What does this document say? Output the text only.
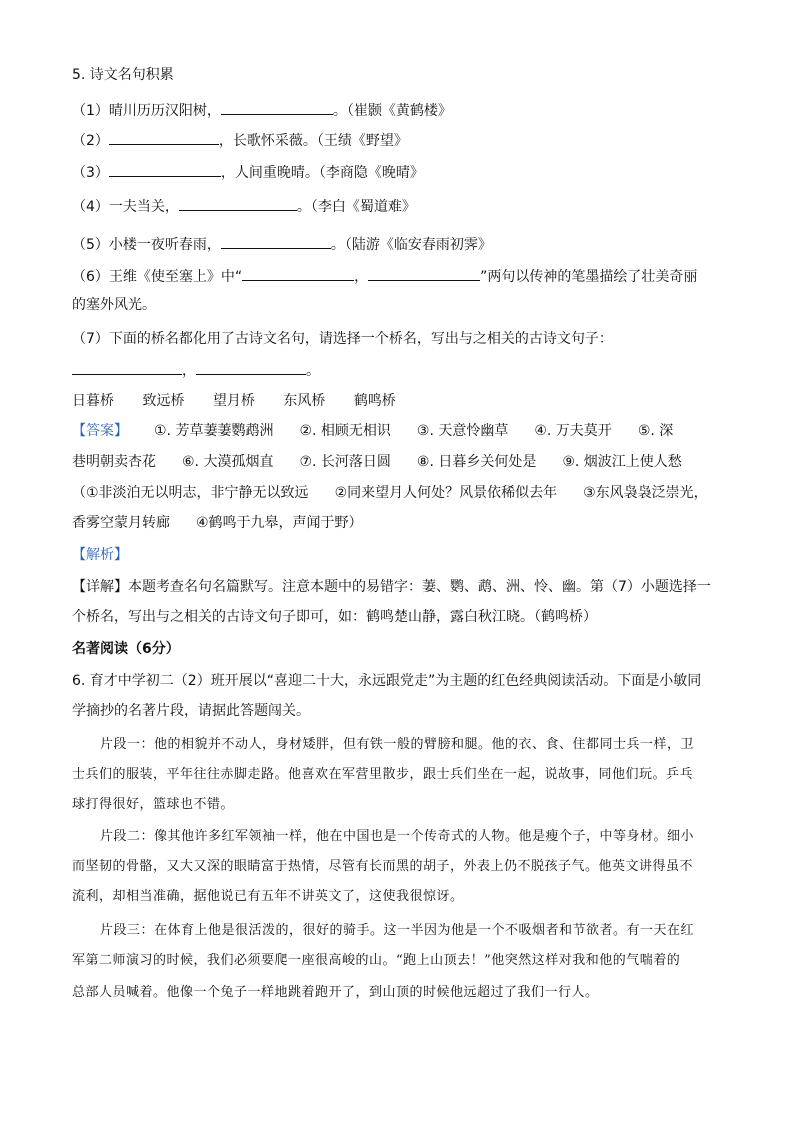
5. 诗文名句积累
（1）晴川历历汉阳树，	。（崔颢《黄鹤楼》
（2）	，长歌怀采薇。（王绩《野望》
（3）	，人间重晚晴。（李商隐《晚晴》
（4）一夫当关，	。（李白《蜀道难》
（5）小楼一夜听春雨，	。（陆游《临安春雨初霁》
（6）王维《使至塞上》中“	，	”两句以传神的笔墨描绘了壮美奇丽
的塞外风光。
（7）下面的桥名都化用了古诗文名句，请选择一个桥名，写出与之相关的古诗文句子：
，	。
日暮桥 致远桥 望月桥 东风桥 鹤鸣桥
【答案】 ①. 芳草萋萋鹦鹉洲 ②. 相顾无相识 ③. 天意怜幽草 ④. 万夫莫开 ⑤. 深
巷明朝卖杏花 ⑥. 大漠孤烟直 ⑦. 长河落日圆 ⑧. 日暮乡关何处是 ⑨. 烟波江上使人愁
（①非淡泊无以明志，非宁静无以致远 ②同来望月人何处？风景依稀似去年 ③东风袅袅泛崇光，
香雾空蒙月转廊 ④鹤鸣于九皋，声闻于野）
【解析】
【详解】本题考查名句名篇默写。注意本题中的易错字：萋、鹦、鹉、洲、怜、幽。第（7）小题选择一
个桥名，写出与之相关的古诗文句子即可，如：鹤鸣楚山静，露白秋江晓。（鹤鸣桥）
名著阅读（6分）
6. 育才中学初二（2）班开展以“喜迎二十大，永远跟党走”为主题的红色经典阅读活动。下面是小敏同
学摘抄的名著片段，请据此答题闯关。
片段一：他的相貌并不动人，身材矮胖，但有铁一般的臂膀和腿。他的衣、食、住都同士兵一样，卫
士兵们的服装，平年往往赤脚走路。他喜欢在军营里散步，跟士兵们坐在一起，说故事，同他们玩。乒乓
球打得很好，篮球也不错。
片段二：像其他许多红军领袖一样，他在中国也是一个传奇式的人物。他是瘦个子，中等身材。细小
而坚韧的骨骼，又大又深的眼睛富于热情，尽管有长而黑的胡子，外表上仍不脱孩子气。他英文讲得虽不
流利，却相当准确，据他说已有五年不讲英文了，这使我很惊讶。
片段三：在体育上他是很活泼的，很好的骑手。这一半因为他是一个不吸烟者和节欲者。有一天在红
军第二师演习的时候，我们必须要爬一座很高峻的山。“跑上山顶去！”他突然这样对我和他的气喘着的
总部人员喊着。他像一个兔子一样地跳着跑开了，到山顶的时候他远超过了我们一行人。
